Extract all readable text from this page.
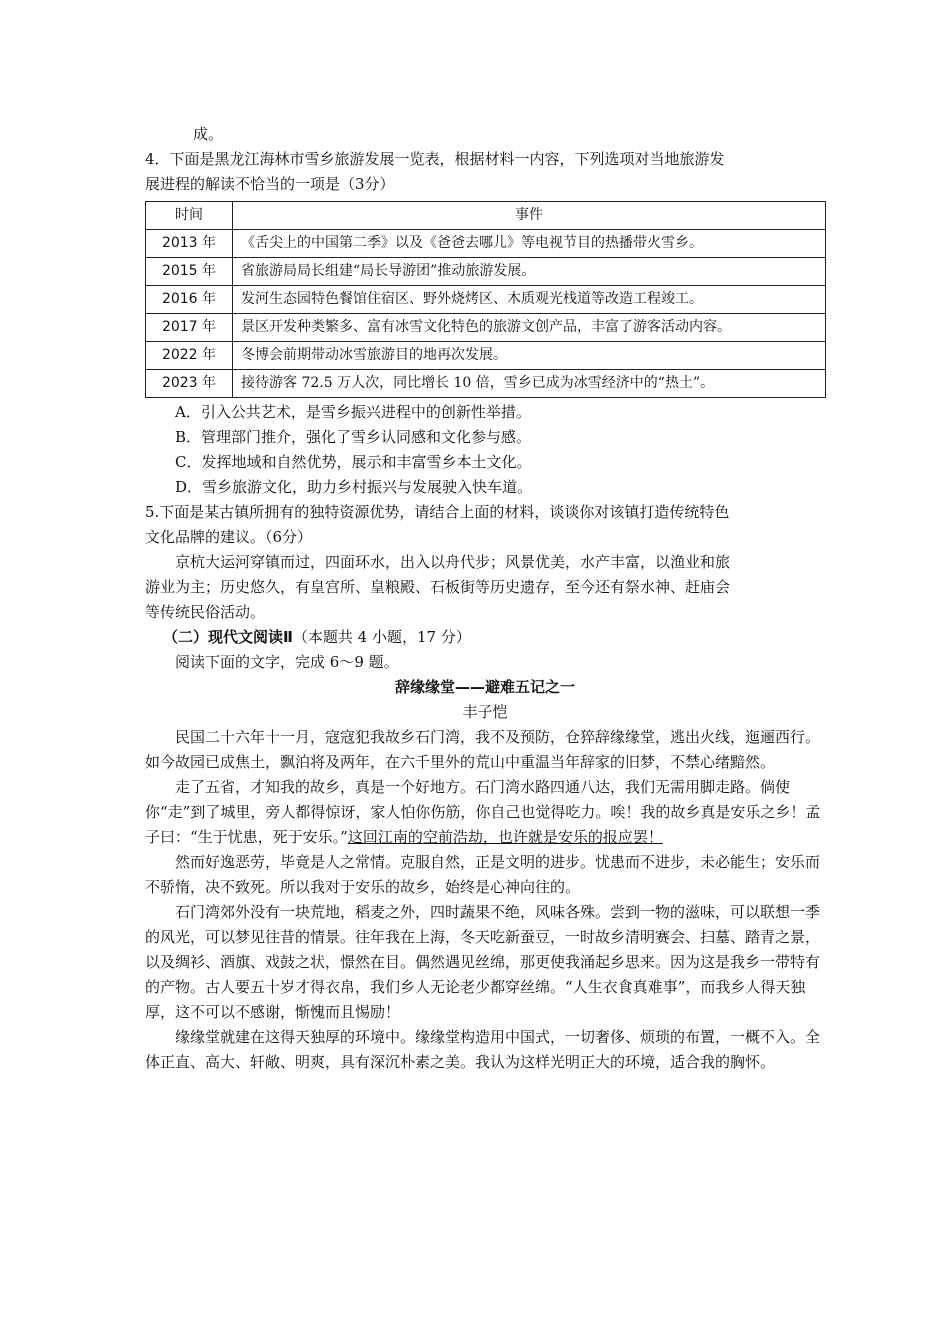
成。
4．下面是黑龙江海林市雪乡旅游发展一览表，根据材料一内容，下列选项对当地旅游发
展进程的解读不恰当的一项是（3分）
时间	事件
2013 年	《舌尖上的中国第二季》以及《爸爸去哪儿》等电视节目的热播带火雪乡。
2015 年	省旅游局局长组建“局长导游团”推动旅游发展。
2016 年	发河生态园特色餐馆住宿区、野外烧烤区、木质观光栈道等改造工程竣工。
2017 年	景区开发种类繁多、富有冰雪文化特色的旅游文创产品，丰富了游客活动内容。
2022 年	冬博会前期带动冰雪旅游目的地再次发展。
2023 年	接待游客 72.5 万人次，同比增长 10 倍，雪乡已成为冰雪经济中的“热土”。
A．引入公共艺术，是雪乡振兴进程中的创新性举措。
B．管理部门推介，强化了雪乡认同感和文化参与感。
C．发挥地域和自然优势，展示和丰富雪乡本土文化。
D．雪乡旅游文化，助力乡村振兴与发展驶入快车道。
5.下面是某古镇所拥有的独特资源优势，请结合上面的材料，谈谈你对该镇打造传统特色
文化品牌的建议。（6分）
京杭大运河穿镇而过，四面环水，出入以舟代步；风景优美，水产丰富，以渔业和旅
游业为主；历史悠久，有皇宫所、皇粮殿、石板街等历史遗存，至今还有祭水神、赶庙会
等传统民俗活动。
（二）现代文阅读Ⅱ（本题共 4 小题，17 分）
阅读下面的文字，完成 6～9 题。
辞缘缘堂——避难五记之一
丰子恺

民国二十六年十一月，寇寇犯我故乡石门湾，我不及预防，仓猝辞缘缘堂，逃出火线，迤逦西行。如今故园已成焦土，飘泊将及两年，在六千里外的荒山中重温当年辞家的旧梦，不禁心绪黯然。

走了五省，才知我的故乡，真是一个好地方。石门湾水路四通八达，我们无需用脚走路。倘使你“走”到了城里，旁人都得惊讶，家人怕你伤筋，你自己也觉得吃力。唉！我的故乡真是安乐之乡！孟子曰：“生于忧患，死于安乐。”这回江南的空前浩劫，也许就是安乐的报应罢！

然而好逸恶劳，毕竟是人之常情。克服自然，正是文明的进步。忧患而不进步，未必能生；安乐而不骄惰，决不致死。所以我对于安乐的故乡，始终是心神向往的。

石门湾郊外没有一块荒地，稻麦之外，四时蔬果不绝，风味各殊。尝到一物的滋味，可以联想一季的风光，可以梦见往昔的情景。往年我在上海，冬天吃新蚕豆，一时故乡清明赛会、扫墓、踏青之景，以及绸衫、酒旗、戏鼓之状，憬然在目。偶然遇见丝绵，那更使我涌起乡思来。因为这是我乡一带特有的产物。古人要五十岁才得衣帛，我们乡人无论老少都穿丝绵。“人生衣食真难事”，而我乡人得天独厚，这不可以不感谢，惭愧而且惕励！

缘缘堂就建在这得天独厚的环境中。缘缘堂构造用中国式，一切奢侈、烦琐的布置，一概不入。全体正直、高大、轩敞、明爽，具有深沉朴素之美。我认为这样光明正大的环境，适合我的胸怀。
